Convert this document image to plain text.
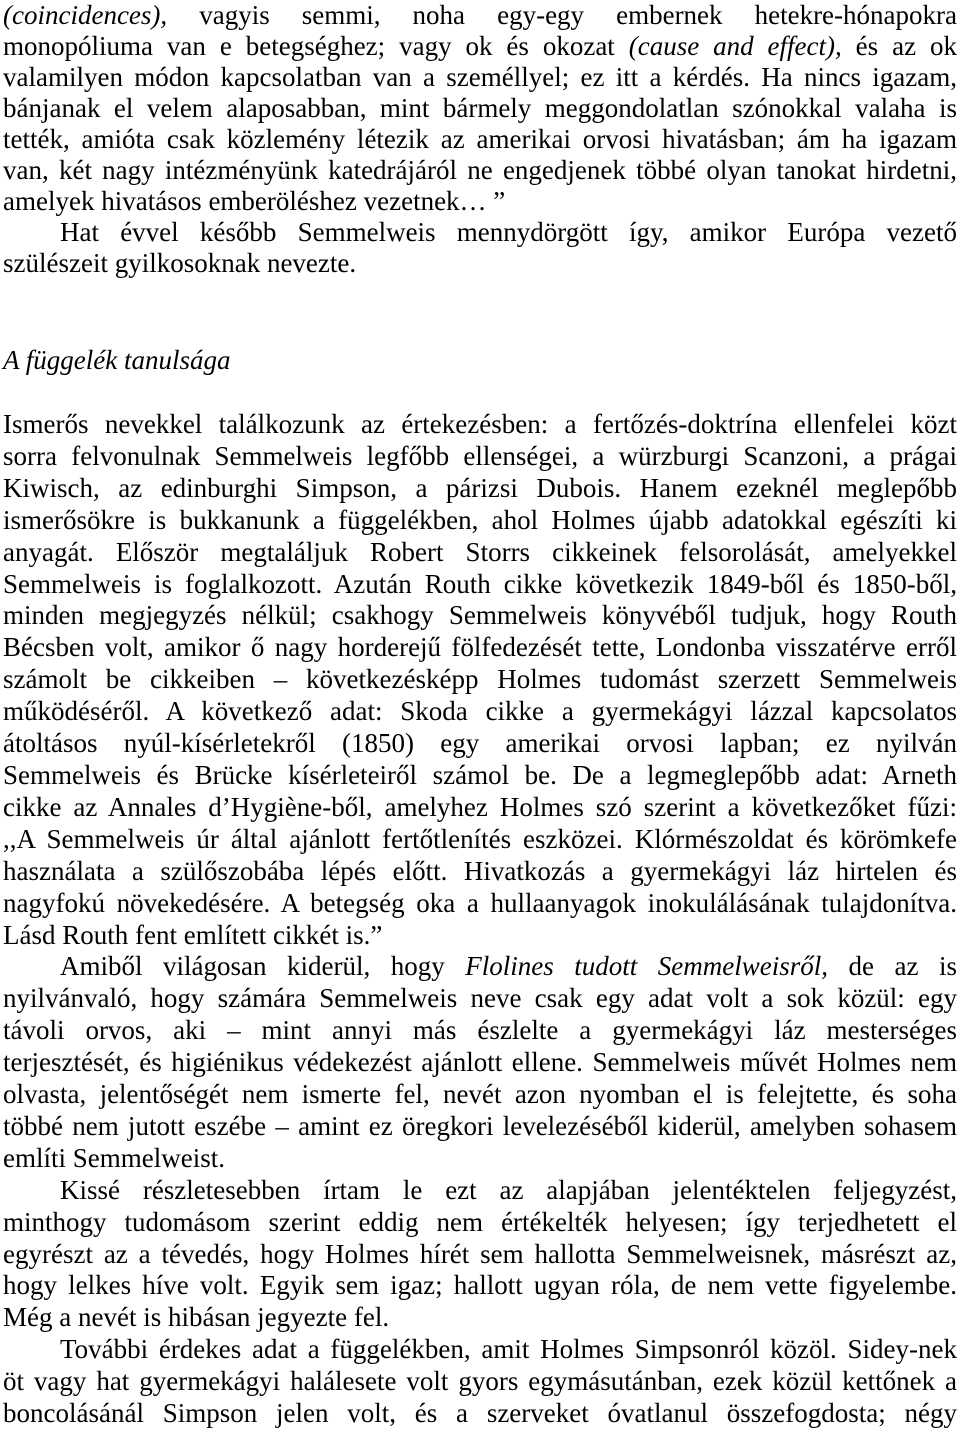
(coincidences), vagyis semmi, noha egy-egy embernek hetekre-hónapokra
monopóliuma van e betegséghez; vagy ok és okozat (cause and effect), és az ok
valamilyen módon kapcsolatban van a személlyel; ez itt a kérdés. Ha nincs igazam,
bánjanak el velem alaposabban, mint bármely meggondolatlan szónokkal valaha is
tették, amióta csak közlemény létezik az amerikai orvosi hivatásban; ám ha igazam
van, két nagy intézményünk katedrájáról ne engedjenek többé olyan tanokat hirdetni,
amelyek hivatásos emberöléshez vezetnek… ”
Hat évvel később Semmelweis mennydörgött így, amikor Európa vezető
szülészeit gyilkosoknak nevezte.
A függelék tanulsága
Ismerős nevekkel találkozunk az értekezésben: a fertőzés-doktrína ellenfelei közt
sorra felvonulnak Semmelweis legfőbb ellenségei, a würzburgi Scanzoni, a prágai
Kiwisch, az edinburghi Simpson, a párizsi Dubois. Hanem ezeknél meglepőbb
ismerősökre is bukkanunk a függelékben, ahol Holmes újabb adatokkal egészíti ki
anyagát. Először megtaláljuk Robert Storrs cikkeinek felsorolását, amelyekkel
Semmelweis is foglalkozott. Azután Routh cikke következik 1849-ből és 1850-ből,
minden megjegyzés nélkül; csakhogy Semmelweis könyvéből tudjuk, hogy Routh
Bécsben volt, amikor ő nagy horderejű fölfedezését tette, Londonba visszatérve erről
számolt be cikkeiben – következésképp Holmes tudomást szerzett Semmelweis
működéséről. A következő adat: Skoda cikke a gyermekágyi lázzal kapcsolatos
átoltásos nyúl-kísérletekről (1850) egy amerikai orvosi lapban; ez nyilván
Semmelweis és Brücke kísérleteiről számol be. De a legmeglepőbb adat: Arneth
cikke az Annales d’Hygiène-ből, amelyhez Holmes szó szerint a következőket fűzi:
,,A Semmelweis úr által ajánlott fertőtlenítés eszközei. Klórmészoldat és körömkefe
használata a szülőszobába lépés előtt. Hivatkozás a gyermekágyi láz hirtelen és
nagyfokú növekedésére. A betegség oka a hullaanyagok inokulálásának tulajdonítva.
Lásd Routh fent említett cikkét is.”
Amiből világosan kiderül, hogy Flolines tudott Semmelweisről, de az is
nyilvánvaló, hogy számára Semmelweis neve csak egy adat volt a sok közül: egy
távoli orvos, aki – mint annyi más észlelte a gyermekágyi láz mesterséges
terjesztését, és higiénikus védekezést ajánlott ellene. Semmelweis művét Holmes nem
olvasta, jelentőségét nem ismerte fel, nevét azon nyomban el is felejtette, és soha
többé nem jutott eszébe – amint ez öregkori levelezéséből kiderül, amelyben sohasem
említi Semmelweist.
Kissé részletesebben írtam le ezt az alapjában jelentéktelen feljegyzést,
minthogy tudomásom szerint eddig nem értékelték helyesen; így terjedhetett el
egyrészt az a tévedés, hogy Holmes hírét sem hallotta Semmelweisnek, másrészt az,
hogy lelkes híve volt. Egyik sem igaz; hallott ugyan róla, de nem vette figyelembe.
Még a nevét is hibásan jegyezte fel.
További érdekes adat a függelékben, amit Holmes Simpsonról közöl. Sidey-nek
öt vagy hat gyermekágyi halálesete volt gyors egymásutánban, ezek közül kettőnek a
boncolásánál Simpson jelen volt, és a szerveket óvatlanul összefogdosta; négy
